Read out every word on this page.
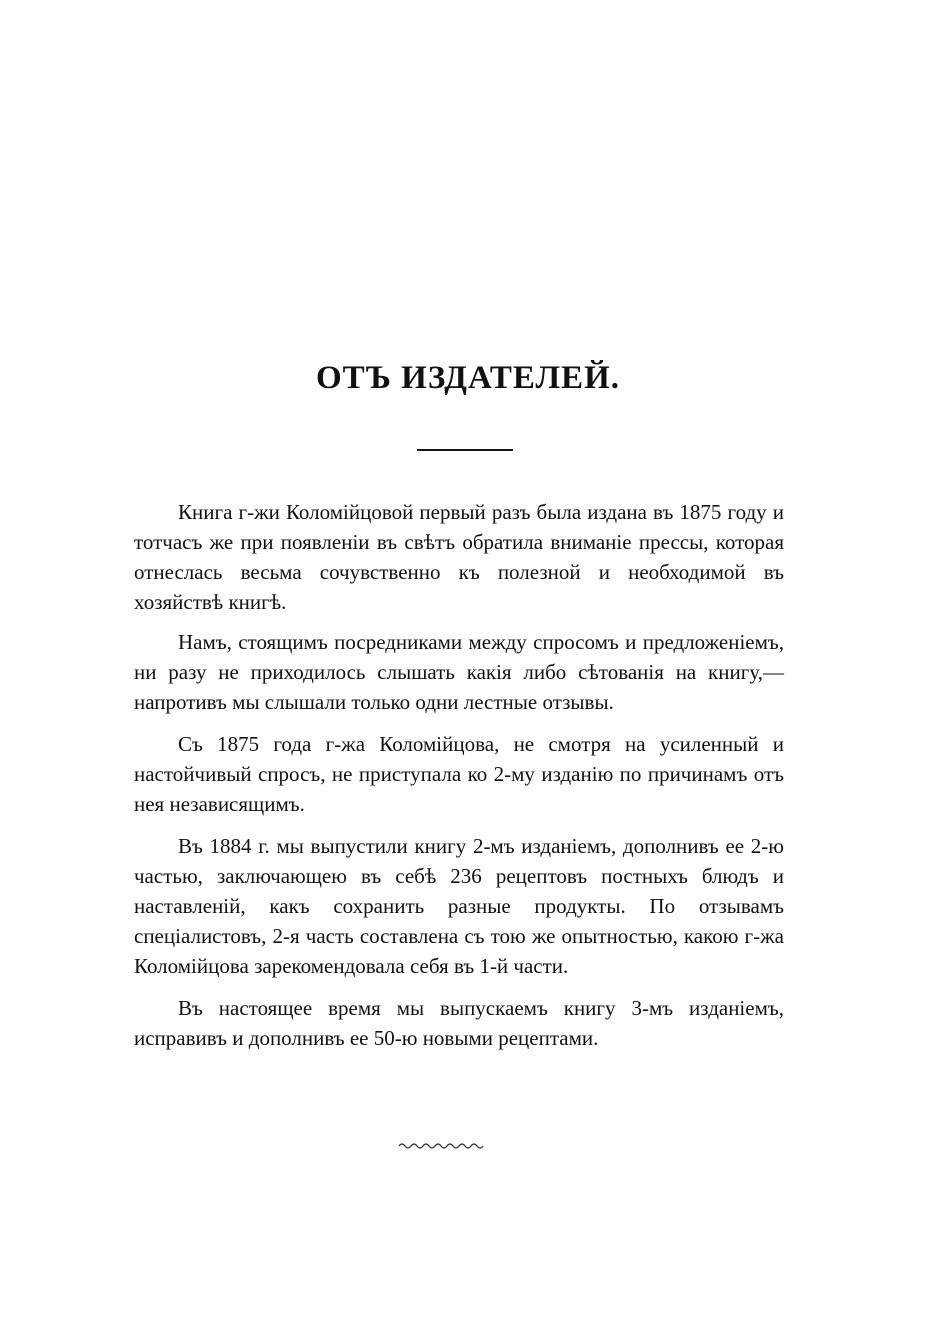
ОТЪ ИЗДАТЕЛЕЙ.

Книга г-жи Коломійцовой первый разъ была издана въ 1875 году и тотчасъ же при появленіи въ свѣтъ обратила вниманіе прессы, которая отнеслась весьма сочувственно къ полезной и необходимой въ хозяйствѣ книгѣ.

Намъ, стоящимъ посредниками между спросомъ и предложеніемъ, ни разу не приходилось слышать какія либо сѣтованія на книгу,—напротивъ мы слышали только одни лестные отзывы.

Съ 1875 года г-жа Коломійцова, не смотря на усиленный и настойчивый спросъ, не приступала ко 2-му изданію по причинамъ отъ нея независящимъ.

Въ 1884 г. мы выпустили книгу 2-мъ изданіемъ, дополнивъ ее 2-ю частью, заключающею въ себѣ 236 рецептовъ постныхъ блюдъ и наставленій, какъ сохранить разные продукты. По отзывамъ спеціалистовъ, 2-я часть составлена съ тою же опытностью, какою г-жа Коломійцова зарекомендовала себя въ 1-й части.

Въ настоящее время мы выпускаемъ книгу 3-мъ изданіемъ, исправивъ и дополнивъ ее 50-ю новыми рецептами.
